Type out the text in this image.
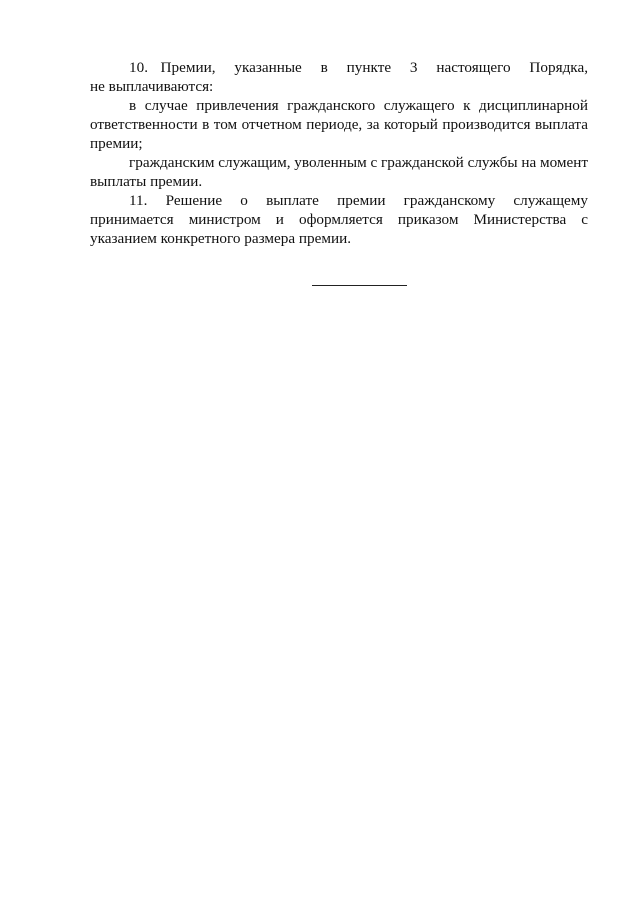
10.  Премии,   указанные   в   пункте   3   настоящего   Порядка,

не выплачиваются:

в случае привлечения гражданского служащего к дисциплинарной ответственности в том отчетном периоде, за который производится выплата премии;

гражданским служащим, уволенным с гражданской службы на момент выплаты премии.

11. Решение о выплате премии гражданскому служащему принимается министром и оформляется приказом Министерства с указанием конкретного размера премии.
